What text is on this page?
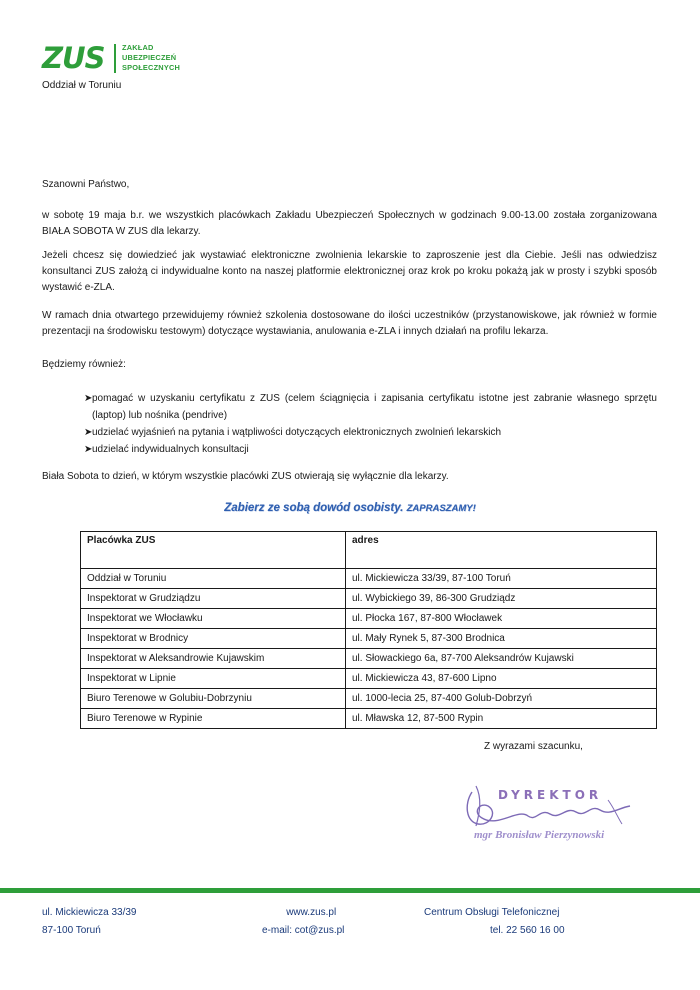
ZUS ZAKŁAD
UBEZPIECZEŃ
SPOŁECZNYCH
Oddział w Toruniu

Szanowni Państwo,

w sobotę 19 maja b.r. we wszystkich placówkach Zakładu Ubezpieczeń Społecznych w godzinach 9.00-13.00 została zorganizowana BIAŁA SOBOTA W ZUS dla lekarzy.

Jeżeli chcesz się dowiedzieć jak wystawiać elektroniczne zwolnienia lekarskie to zaproszenie jest dla Ciebie. Jeśli nas odwiedzisz konsultanci ZUS założą ci indywidualne konto na naszej platformie elektronicznej oraz krok po kroku pokażą jak w prosty i szybki sposób wystawić e-ZLA.

W ramach dnia otwartego przewidujemy również szkolenia dostosowane do ilości uczestników (przystanowiskowe, jak również w formie prezentacji na środowisku testowym) dotyczące wystawiania, anulowania e-ZLA i innych działań na profilu lekarza.

Będziemy również:

➤ pomagać w uzyskaniu certyfikatu z ZUS (celem ściągnięcia i zapisania certyfikatu istotne jest zabranie własnego sprzętu (laptop) lub nośnika (pendrive)
➤ udzielać wyjaśnień na pytania i wątpliwości dotyczących elektronicznych zwolnień lekarskich
➤ udzielać indywidualnych konsultacji

Biała Sobota to dzień, w którym wszystkie placówki ZUS otwierają się wyłącznie dla lekarzy.

Zabierz ze sobą dowód osobisty. ZAPRASZAMY!
Placówka ZUS	adres
Oddział w Toruniu	ul. Mickiewicza 33/39, 87-100 Toruń
Inspektorat w Grudziądzu	ul. Wybickiego 39, 86-300 Grudziądz
Inspektorat we Włocławku	ul. Płocka 167, 87-800 Włocławek
Inspektorat w Brodnicy	ul. Mały Rynek 5, 87-300 Brodnica
Inspektorat w Aleksandrowie Kujawskim	ul. Słowackiego 6a, 87-700 Aleksandrów Kujawski
Inspektorat w Lipnie	ul. Mickiewicza 43, 87-600 Lipno
Biuro Terenowe w Golubiu-Dobrzyniu	ul. 1000-lecia 25, 87-400 Golub-Dobrzyń
Biuro Terenowe w Rypinie	ul. Mławska 12, 87-500 Rypin
Z wyrazami szacunku,
DYREKTOR
mgr Bronisław Pierzynowski
ul. Mickiewicza 33/39
87-100 Toruń
www.zus.pl
e-mail: cot@zus.pl
Centrum Obsługi Telefonicznej
tel. 22 560 16 00
